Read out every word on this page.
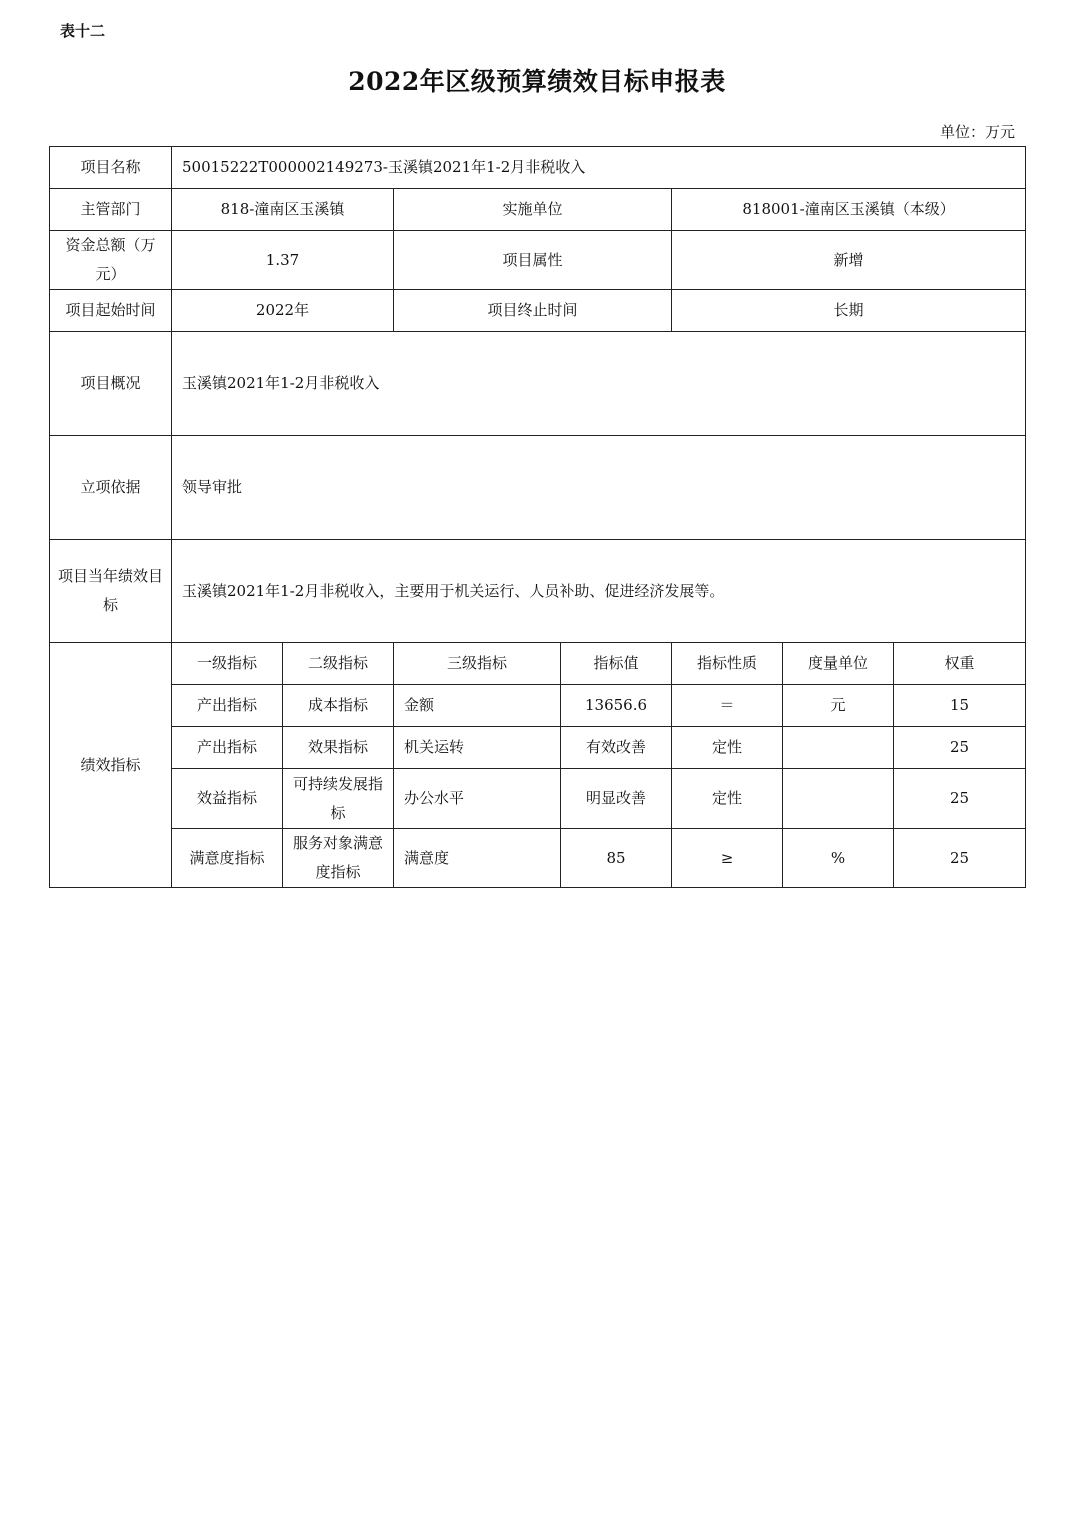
表十二
2022年区级预算绩效目标申报表
单位：万元
项目名称	50015222T000002149273-玉溪镇2021年1-2月非税收入						
主管部门	818-潼南区玉溪镇		实施单位		818001-潼南区玉溪镇（本级）		
资金总额（万元）	1.37		项目属性		新增		
项目起始时间	2022年		项目终止时间		长期		
项目概况	玉溪镇2021年1-2月非税收入						
立项依据	领导审批						
项目当年绩效目标	玉溪镇2021年1-2月非税收入，主要用于机关运行、人员补助、促进经济发展等。						
绩效指标	一级指标	二级指标	三级指标	指标值	指标性质	度量单位	权重
	产出指标	成本指标	金额	13656.6	＝	元	15
	产出指标	效果指标	机关运转	有效改善	定性		25
	效益指标	可持续发展指标	办公水平	明显改善	定性		25
	满意度指标	服务对象满意度指标	满意度	85	≥	%	25
